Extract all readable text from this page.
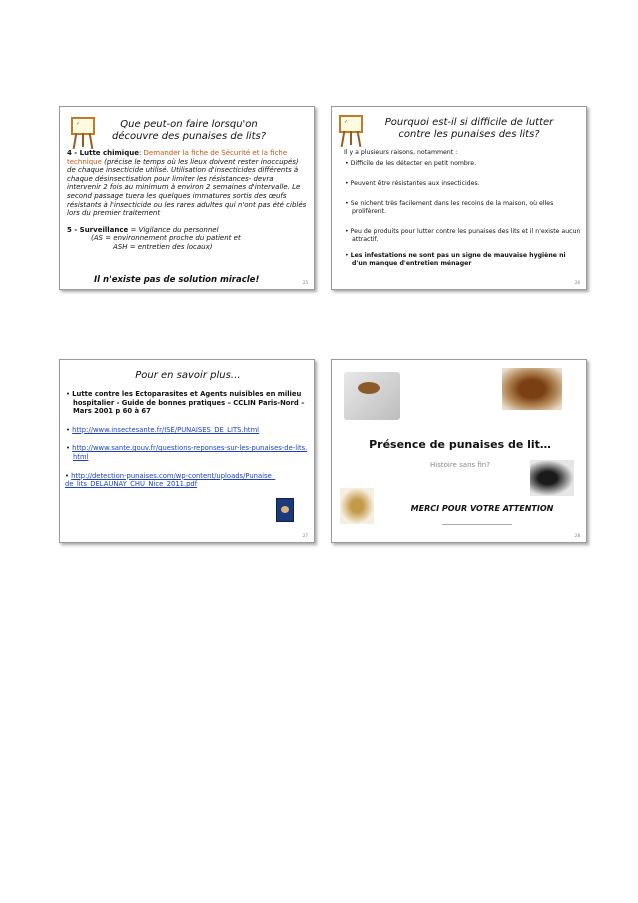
✓	Que peut-on faire lorsqu'on
découvre des punaises de lits?
4 - Lutte chimique: Demander la fiche de Sécurité et la fiche technique (précise le temps où les lieux doivent rester inoccupés) de chaque insecticide utilisé. Utilisation d'insecticides différents à chaque désinsectisation pour limiter les résistances- devra intervenir 2 fois au minimum à environ 2 semaines d'intervalle. Le second passage tuera les quelques immatures sortis des œufs résistants à l'insecticide ou les rares adultes qui n'ont pas été ciblés lors du premier traitement
5 - Surveillance = Vigilance du personnel
(AS = environnement proche du patient et
ASH = entretien des locaux)
Il n'existe pas de solution miracle!	25
✓	Pourquoi est-il si difficile de lutter
contre les punaises des lits?
Il y a plusieurs raisons, notamment :
• Difficile de les détecter en petit nombre.
• Peuvent être résistantes aux insecticides.
• Se nichent très facilement dans les recoins de la maison, où elles prolifèrent.
• Peu de produits pour lutter contre les punaises des lits et il n'existe aucun attractif.
• Les infestations ne sont pas un signe de mauvaise hygiène ni d'un manque d'entretien ménager
26
Pour en savoir plus…
• Lutte contre les Ectoparasites et Agents nuisibles en milieu hospitalier - Guide de bonnes pratiques – CCLIN Paris-Nord – Mars 2001 p 60 à 67
• http://www.insectesante.fr/ISE/PUNAISES_DE_LITS.html
• http://www.sante.gouv.fr/questions-reponses-sur-les-punaises-de-lits. html
• http://detection-punaises.com/wp-content/uploads/Punaise_de_lits_DELAUNAY_CHU_Nice_2011.pdf
27
Présence de punaises de lit…
Histoire sans fin?
MERCI POUR VOTRE ATTENTION
28
